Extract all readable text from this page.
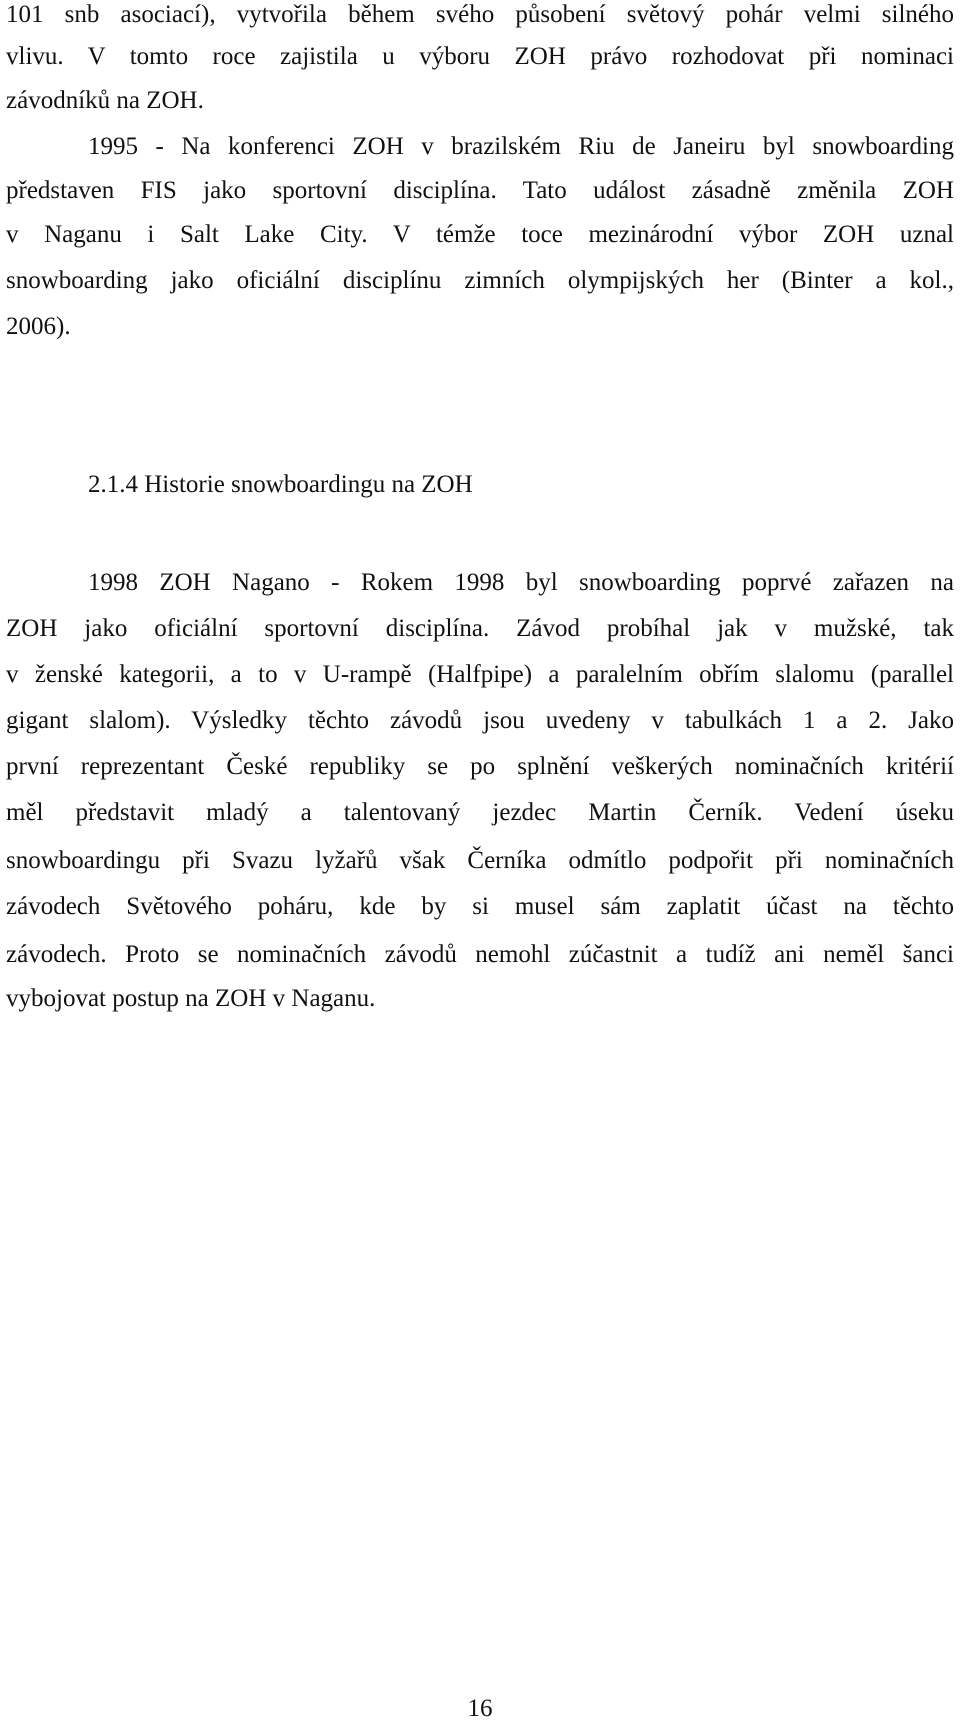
101 snb asociací), vytvořila během svého působení světový pohár velmi silného
vlivu. V tomto roce zajistila u výboru ZOH právo rozhodovat při nominaci
závodníků na ZOH.
1995 - Na konferenci ZOH v brazilském Riu de Janeiru byl snowboarding
představen FIS jako sportovní disciplína. Tato událost zásadně změnila ZOH
v Naganu i Salt Lake City. V témže toce mezinárodní výbor ZOH uznal
snowboarding jako oficiální disciplínu zimních olympijských her (Binter a kol.,
2006).
2.1.4 Historie snowboardingu na ZOH
1998 ZOH Nagano - Rokem 1998 byl snowboarding poprvé zařazen na
ZOH jako oficiální sportovní disciplína. Závod probíhal jak v mužské, tak
v ženské kategorii, a to v U-rampě (Halfpipe) a paralelním obřím slalomu (parallel
gigant slalom). Výsledky těchto závodů jsou uvedeny v tabulkách 1 a 2. Jako
první reprezentant České republiky se po splnění veškerých nominačních kritérií
měl představit mladý a talentovaný jezdec Martin Černík. Vedení úseku
snowboardingu při Svazu lyžařů však Černíka odmítlo podpořit při nominačních
závodech Světového poháru, kde by si musel sám zaplatit účast na těchto
závodech. Proto se nominačních závodů nemohl zúčastnit a tudíž ani neměl šanci
vybojovat postup na ZOH v Naganu.
16
